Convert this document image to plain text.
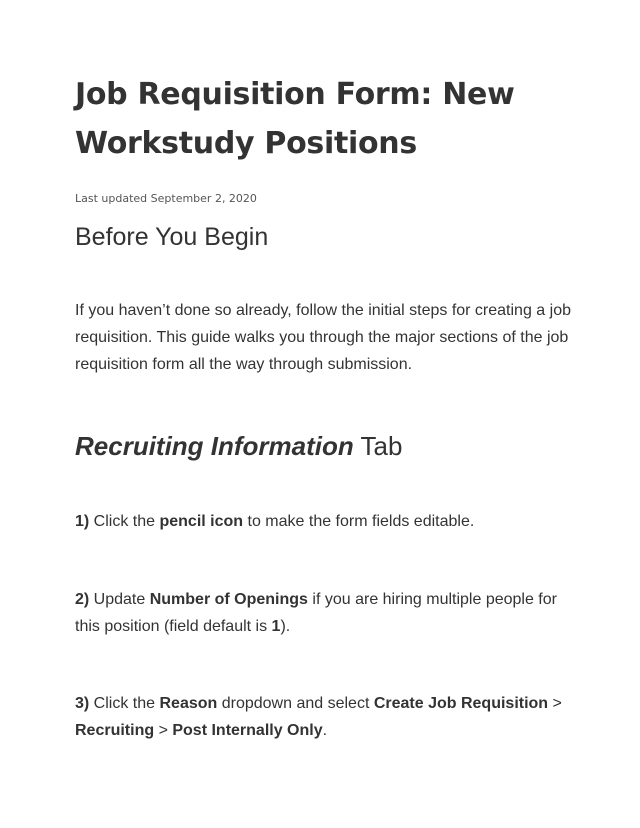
Job Requisition Form: New Workstudy Positions

Last updated September 2, 2020

Before You Begin

If you haven’t done so already, follow the initial steps for creating a job requisition. This guide walks you through the major sections of the job requisition form all the way through submission.

Recruiting Information Tab

1) Click the pencil icon to make the form fields editable.

2) Update Number of Openings if you are hiring multiple people for this position (field default is 1).

3) Click the Reason dropdown and select Create Job Requisition > Recruiting > Post Internally Only.
